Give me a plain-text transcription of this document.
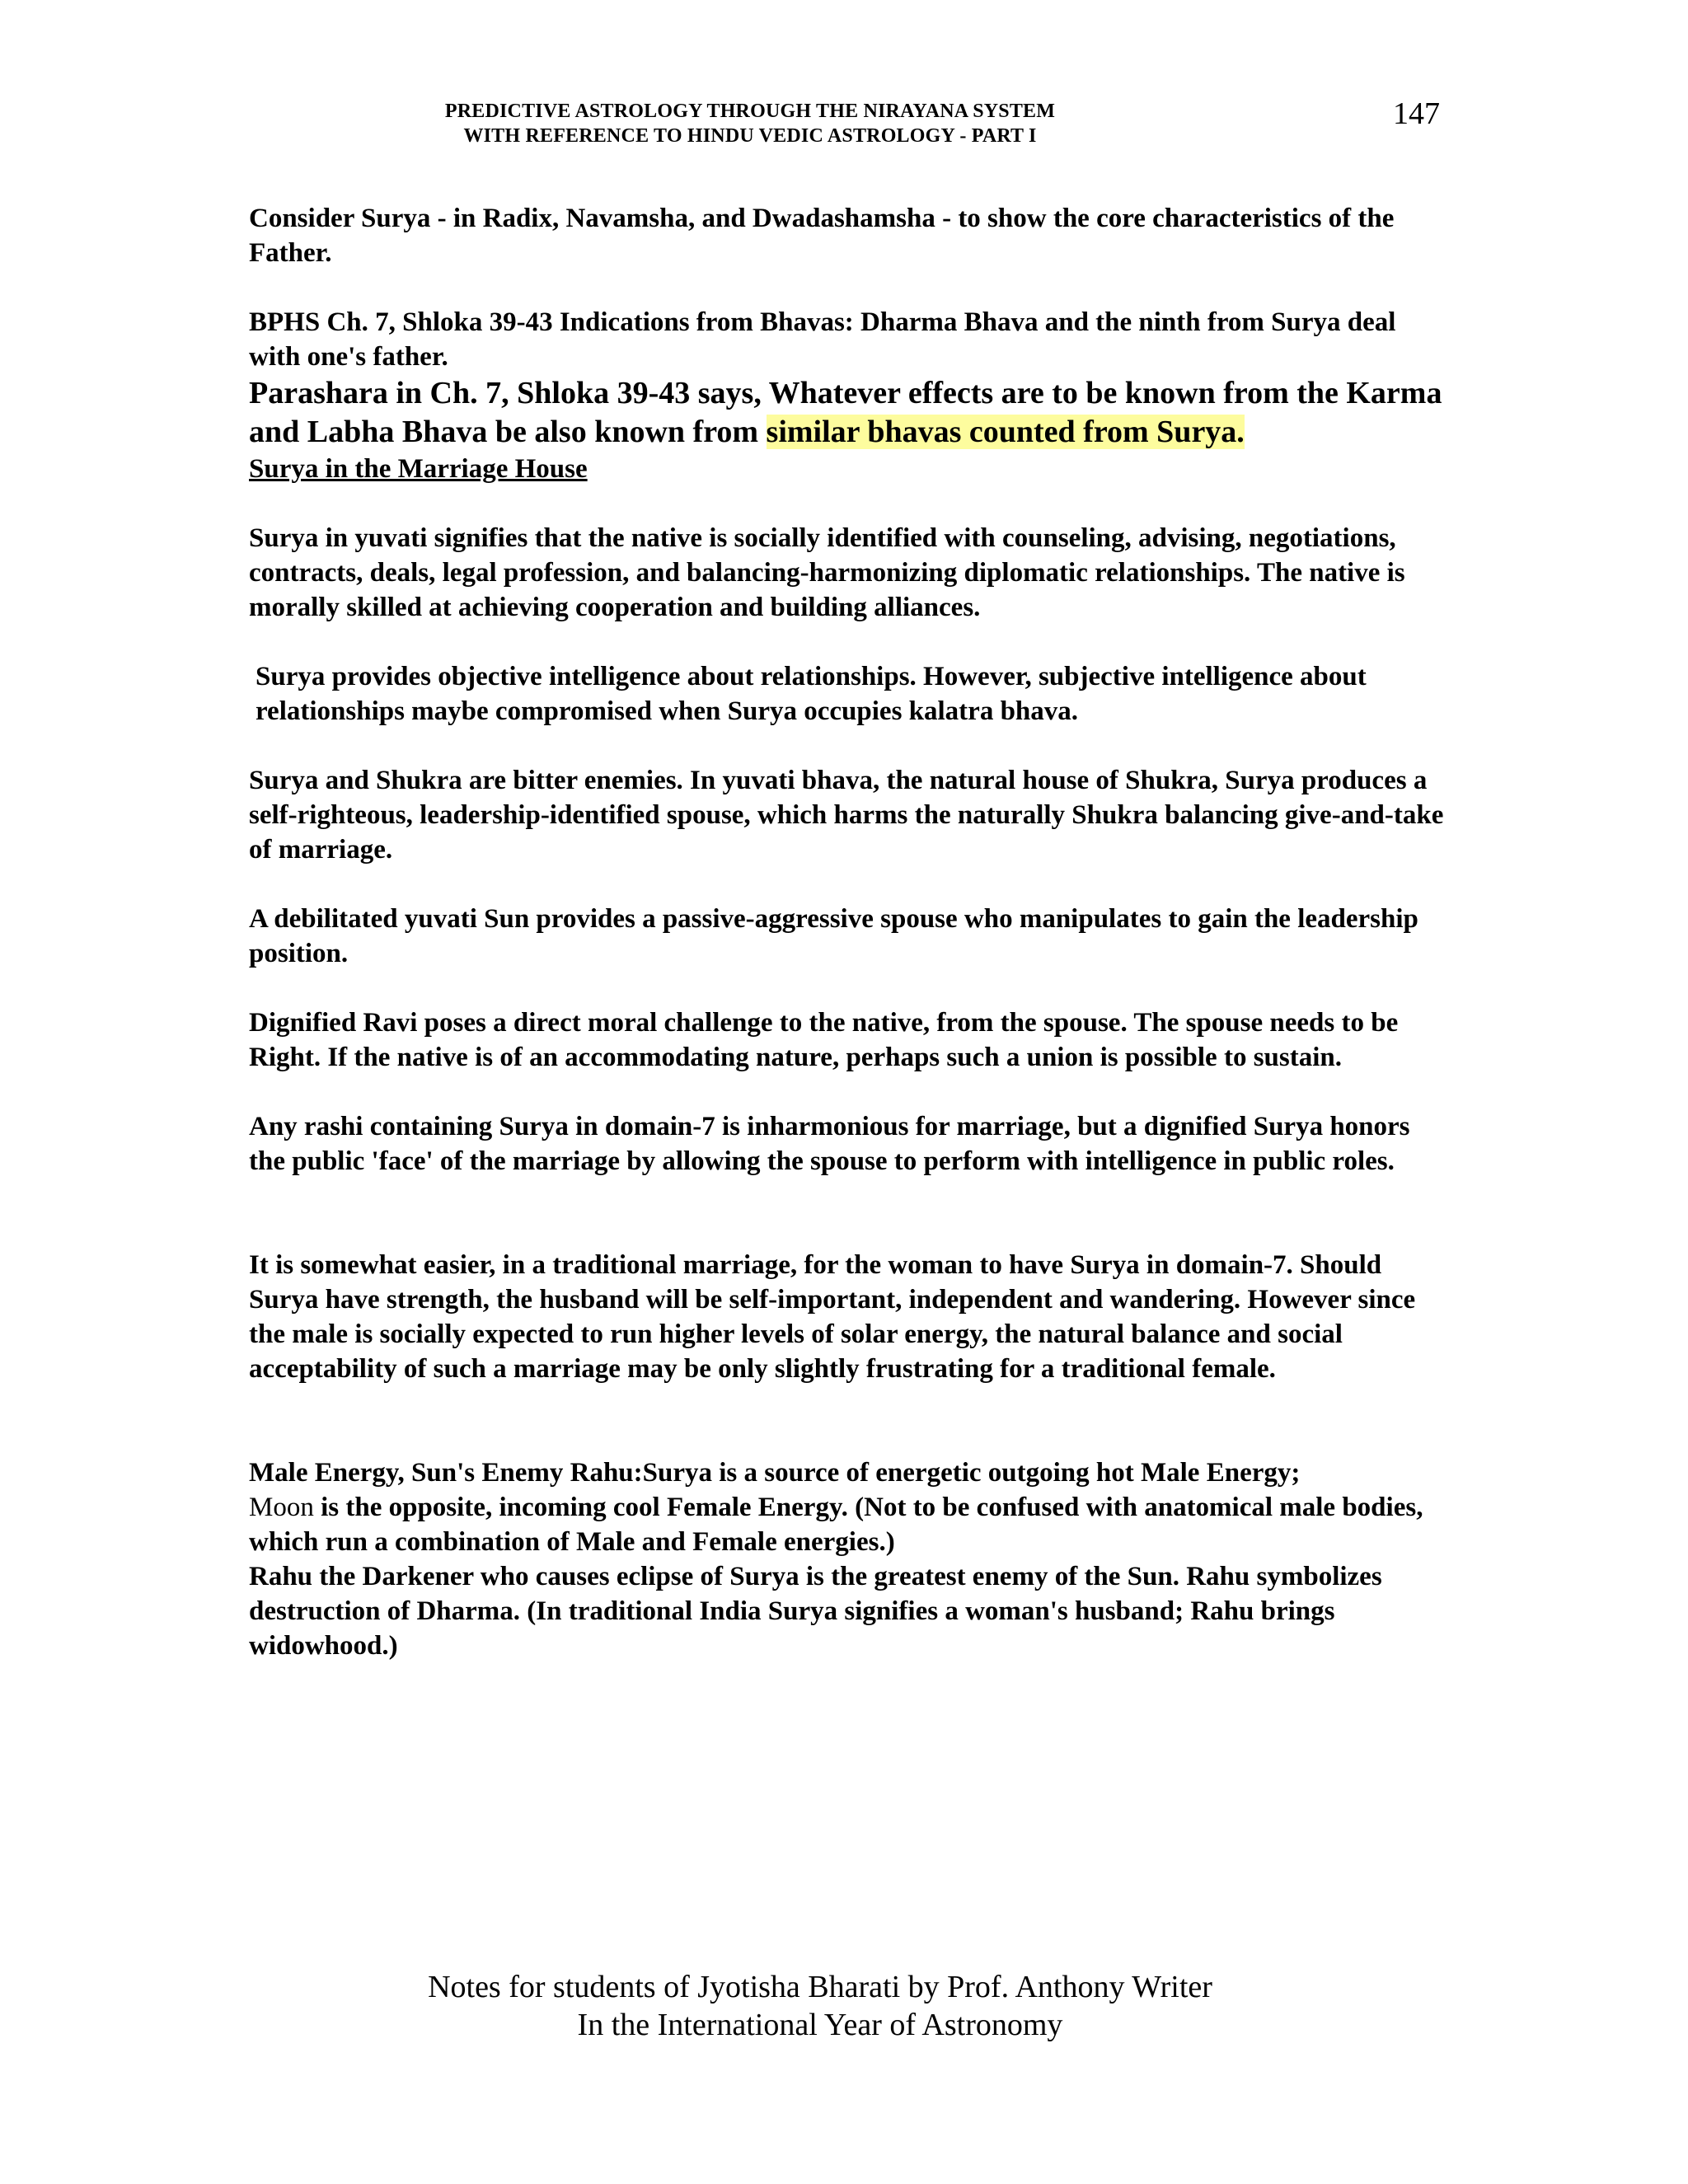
PREDICTIVE ASTROLOGY THROUGH THE NIRAYANA SYSTEM
WITH REFERENCE TO HINDU VEDIC ASTROLOGY - PART I
147

Consider Surya - in Radix, Navamsha, and Dwadashamsha - to show the core characteristics of the Father.

BPHS Ch. 7, Shloka 39-43 Indications from Bhavas: Dharma Bhava and the ninth from Surya deal with one's father.

Parashara in Ch. 7, Shloka 39-43 says, Whatever effects are to be known from the Karma and Labha Bhava be also known from similar bhavas counted from Surya.

Surya in the Marriage House

Surya in yuvati signifies that the native is socially identified with counseling, advising, negotiations, contracts, deals, legal profession, and balancing-harmonizing diplomatic relationships. The native is morally skilled at achieving cooperation and building alliances.

Surya provides objective intelligence about relationships. However, subjective intelligence about relationships maybe compromised when Surya occupies kalatra bhava.

Surya and Shukra are bitter enemies. In yuvati bhava, the natural house of Shukra, Surya produces a self-righteous, leadership-identified spouse, which harms the naturally Shukra balancing give-and-take of marriage.

A debilitated yuvati Sun provides a passive-aggressive spouse who manipulates to gain the leadership position.

Dignified Ravi poses a direct moral challenge to the native, from the spouse. The spouse needs to be Right. If the native is of an accommodating nature, perhaps such a union is possible to sustain.

Any rashi containing Surya in domain-7 is inharmonious for marriage, but a dignified Surya honors the public 'face' of the marriage by allowing the spouse to perform with intelligence in public roles.

It is somewhat easier, in a traditional marriage, for the woman to have Surya in domain-7. Should Surya have strength, the husband will be self-important, independent and wandering. However since the male is socially expected to run higher levels of solar energy, the natural balance and social acceptability of such a marriage may be only slightly frustrating for a traditional female.

Male Energy, Sun's Enemy Rahu:Surya is a source of energetic outgoing hot Male Energy;
Moon is the opposite, incoming cool Female Energy. (Not to be confused with anatomical male bodies, which run a combination of Male and Female energies.)

Rahu the Darkener who causes eclipse of Surya is the greatest enemy of the Sun. Rahu symbolizes destruction of Dharma. (In traditional India Surya signifies a woman's husband; Rahu brings widowhood.)

Notes for students of Jyotisha Bharati by Prof. Anthony Writer
In the International Year of Astronomy
